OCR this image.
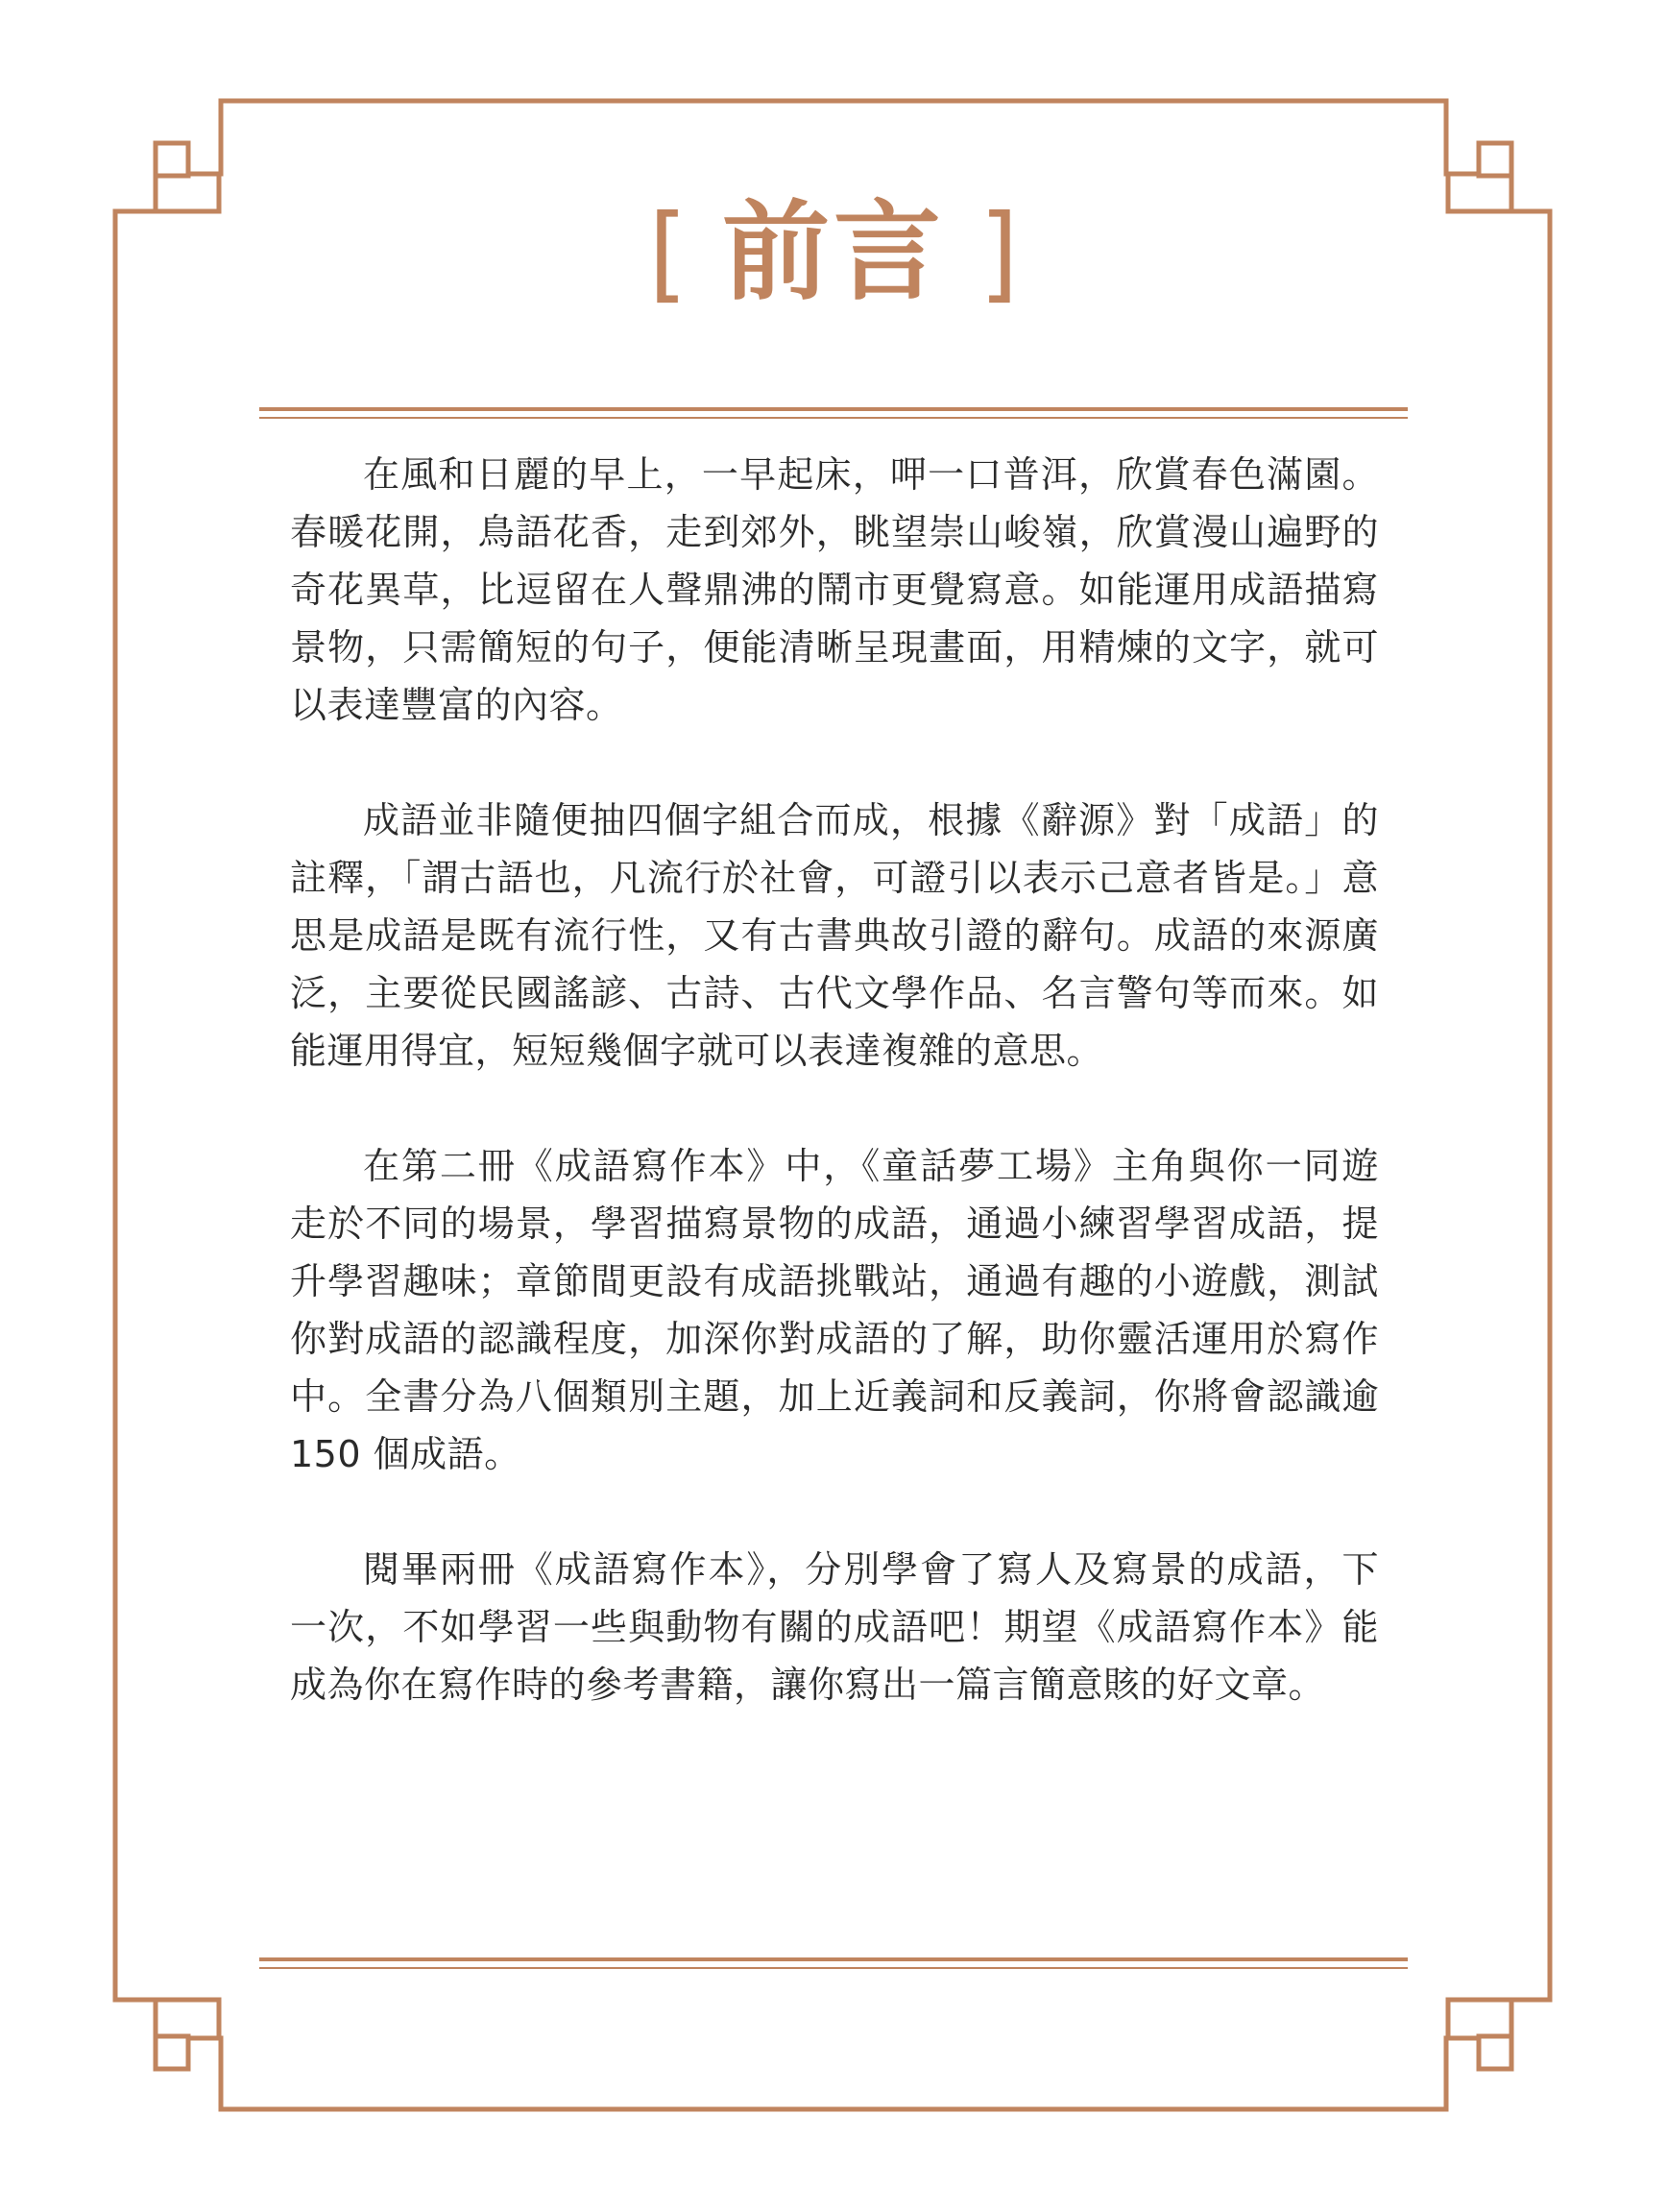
[ 前言 ]

在風和日麗的早上，一早起床，呷一口普洱，欣賞春色滿園。春暖花開，鳥語花香，走到郊外，眺望崇山峻嶺，欣賞漫山遍野的奇花異草，比逗留在人聲鼎沸的鬧市更覺寫意。如能運用成語描寫景物，只需簡短的句子，便能清晰呈現畫面，用精煉的文字，就可以表達豐富的內容。

成語並非隨便抽四個字組合而成，根據《辭源》對「成語」的註釋，「謂古語也，凡流行於社會，可證引以表示己意者皆是。」意思是成語是既有流行性，又有古書典故引證的辭句。成語的來源廣泛，主要從民國謠諺、古詩、古代文學作品、名言警句等而來。如能運用得宜，短短幾個字就可以表達複雜的意思。

在第二冊《成語寫作本》中，《童話夢工場》主角與你一同遊走於不同的場景，學習描寫景物的成語，通過小練習學習成語，提升學習趣味；章節間更設有成語挑戰站，通過有趣的小遊戲，測試你對成語的認識程度，加深你對成語的了解，助你靈活運用於寫作中。全書分為八個類別主題，加上近義詞和反義詞，你將會認識逾 150 個成語。

閱畢兩冊《成語寫作本》，分別學會了寫人及寫景的成語，下一次，不如學習一些與動物有關的成語吧！期望《成語寫作本》能成為你在寫作時的參考書籍，讓你寫出一篇言簡意賅的好文章。
